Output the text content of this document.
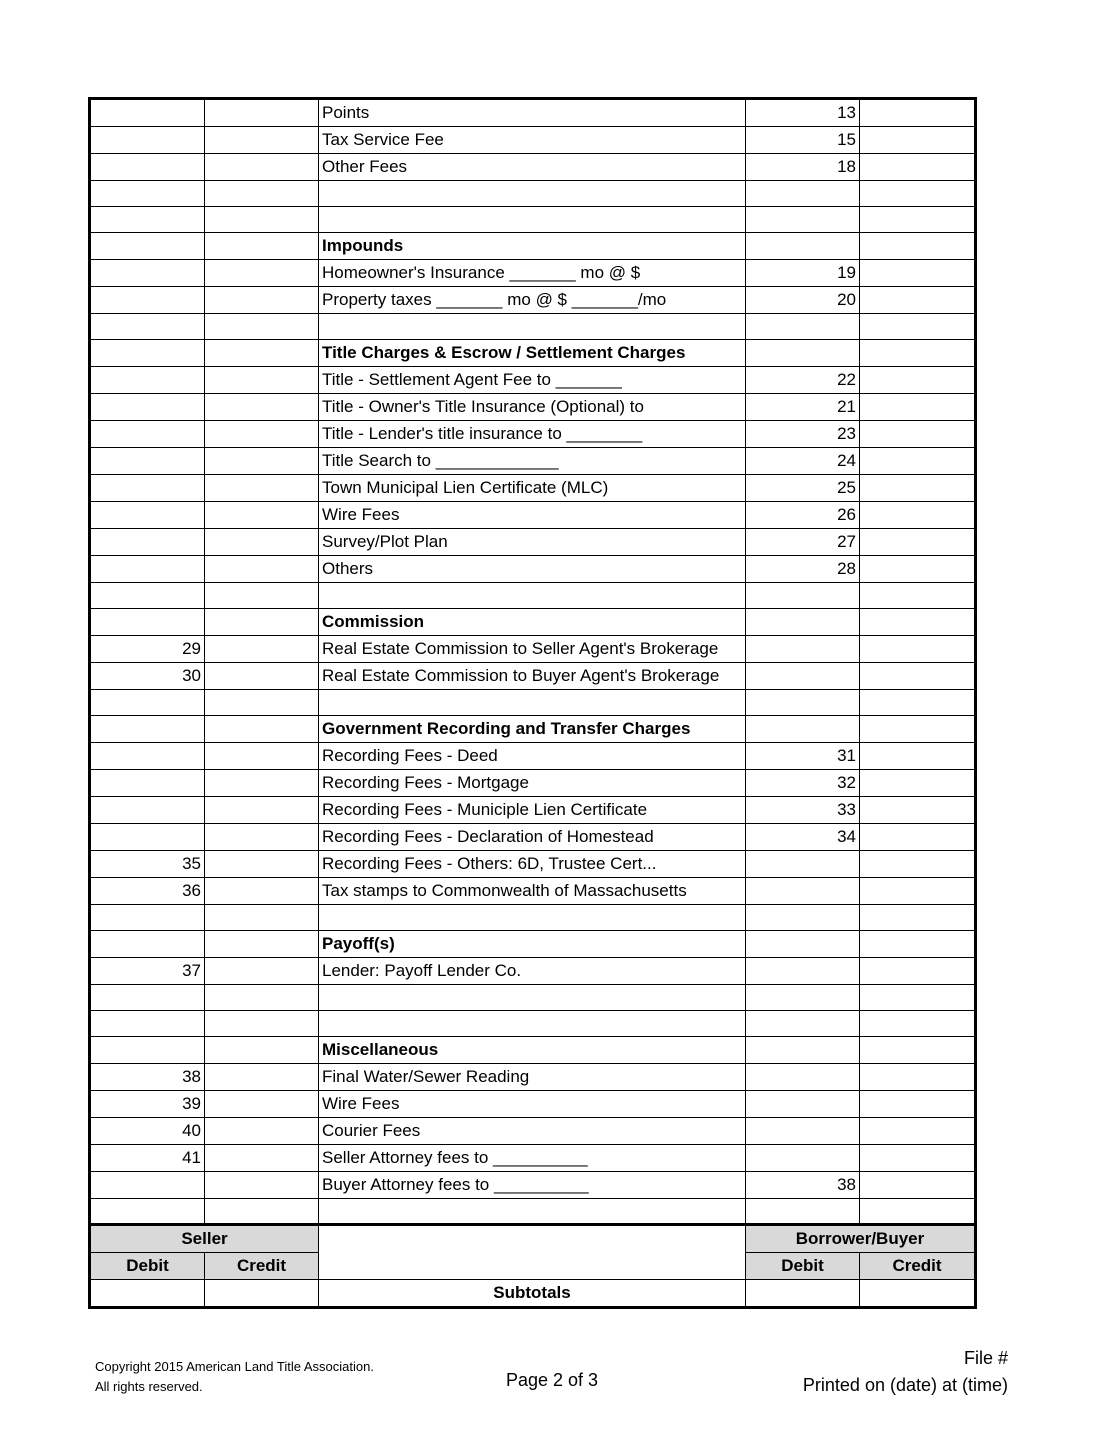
		Points	13	
		Tax Service Fee	15	
		Other Fees	18	

		Impounds		
		Homeowner's Insurance _______ mo @ $	19	
		Property taxes _______ mo @ $ _______/mo	20	

		Title Charges & Escrow / Settlement Charges		
		Title - Settlement Agent Fee to _______	22	
		Title - Owner's Title Insurance (Optional) to	21	
		Title - Lender's title insurance to ________	23	
		Title Search to _____________	24	
		Town Municipal Lien Certificate (MLC)	25	
		Wire Fees	26	
		Survey/Plot Plan	27	
		Others	28	

		Commission		
29		Real Estate Commission to Seller Agent's Brokerage		
30		Real Estate Commission to Buyer Agent's Brokerage		

		Government Recording and Transfer Charges		
		Recording Fees - Deed	31	
		Recording Fees - Mortgage	32	
		Recording Fees - Municiple Lien Certificate	33	
		Recording Fees - Declaration of Homestead	34	
35		Recording Fees - Others: 6D, Trustee Cert...		
36		Tax stamps to Commonwealth of Massachusetts		

		Payoff(s)		
37		Lender: Payoff Lender Co.		

		Miscellaneous		
38		Final Water/Sewer Reading		
39		Wire Fees		
40		Courier Fees		
41		Seller Attorney fees to __________		
		Buyer Attorney fees to __________	38	

Seller			Borrower/Buyer	
Debit	Credit		Debit	Credit
		Subtotals		
Copyright 2015 American Land Title Association.
All rights reserved.	Page 2 of 3
File #
Printed on (date) at (time)
